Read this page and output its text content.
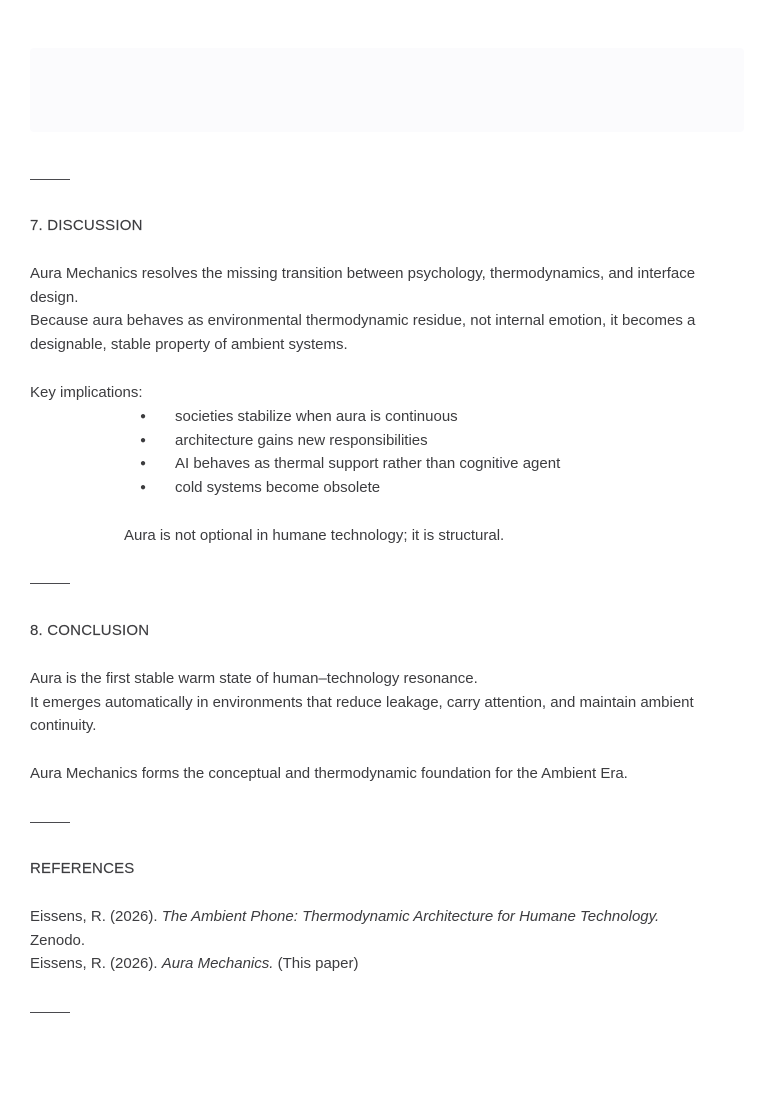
7. DISCUSSION

Aura Mechanics resolves the missing transition between psychology, thermodynamics, and interface design.

Because aura behaves as environmental thermodynamic residue, not internal emotion, it becomes a designable, stable property of ambient systems.

Key implications:
● societies stabilize when aura is continuous
● architecture gains new responsibilities
● AI behaves as thermal support rather than cognitive agent
● cold systems become obsolete
Aura is not optional in humane technology; it is structural.
8. CONCLUSION

Aura is the first stable warm state of human–technology resonance.

It emerges automatically in environments that reduce leakage, carry attention, and maintain ambient continuity.

Aura Mechanics forms the conceptual and thermodynamic foundation for the Ambient Era.
REFERENCES

Eissens, R. (2026). The Ambient Phone: Thermodynamic Architecture for Humane Technology.
Zenodo.

Eissens, R. (2026). Aura Mechanics. (This paper)
